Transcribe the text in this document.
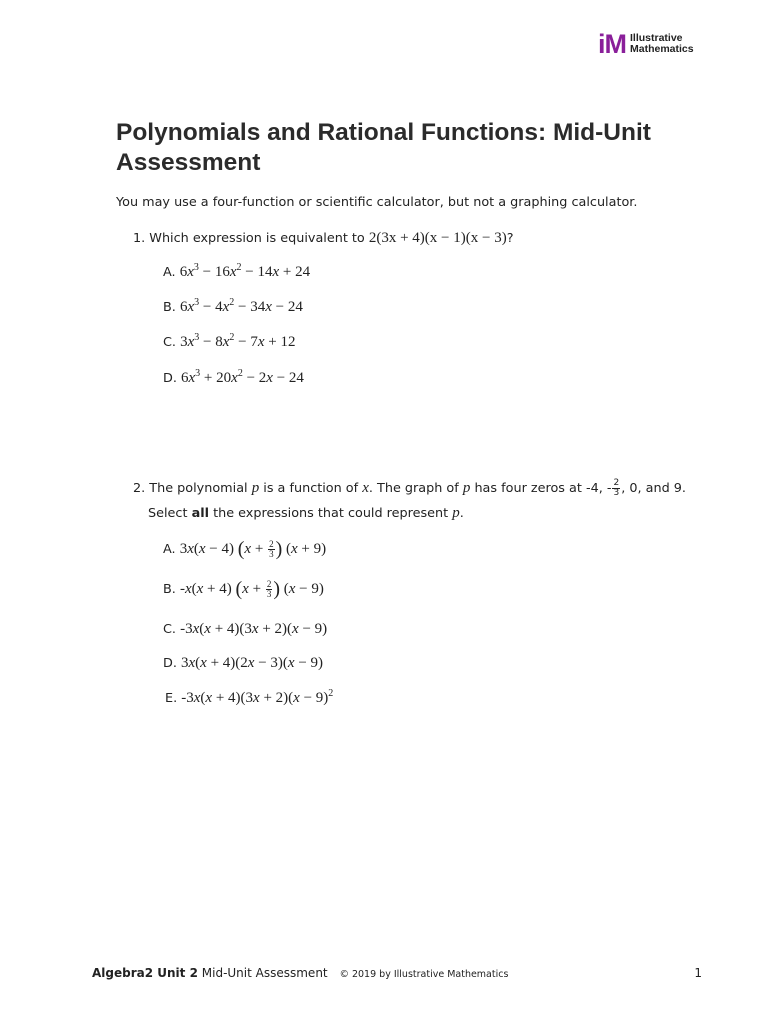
iM Illustrative
Mathematics
Polynomials and Rational Functions: Mid-Unit Assessment
You may use a four-function or scientific calculator, but not a graphing calculator.
1. Which expression is equivalent to 2(3x + 4)(x − 1)(x − 3)?
A. $6x^3 - 16x^2 - 14x + 24$
B. $6x^3 - 4x^2 - 34x - 24$
C. $3x^3 - 8x^2 - 7x + 12$
D. $6x^3 + 20x^2 - 2x - 24$
2. The polynomial p is a function of x. The graph of p has four zeros at -4, - $\frac{2}{3}$ , 0, and 9.
Select all the expressions that could represent p.
A. 3x(x − 4) ($x + \frac{2}{3}$ ) (x + 9)
B. -x(x + 4) ($x + \frac{2}{3}$ ) (x − 9)
C. -3x(x + 4)(3x + 2)(x − 9)
D. 3x(x + 4)(2x − 3)(x − 9)
E. $-3x(x + 4)(3x + 2)(x - 9)^2$
Algebra2 Unit 2 Mid-Unit Assessment © 2019 by Illustrative Mathematics	1
